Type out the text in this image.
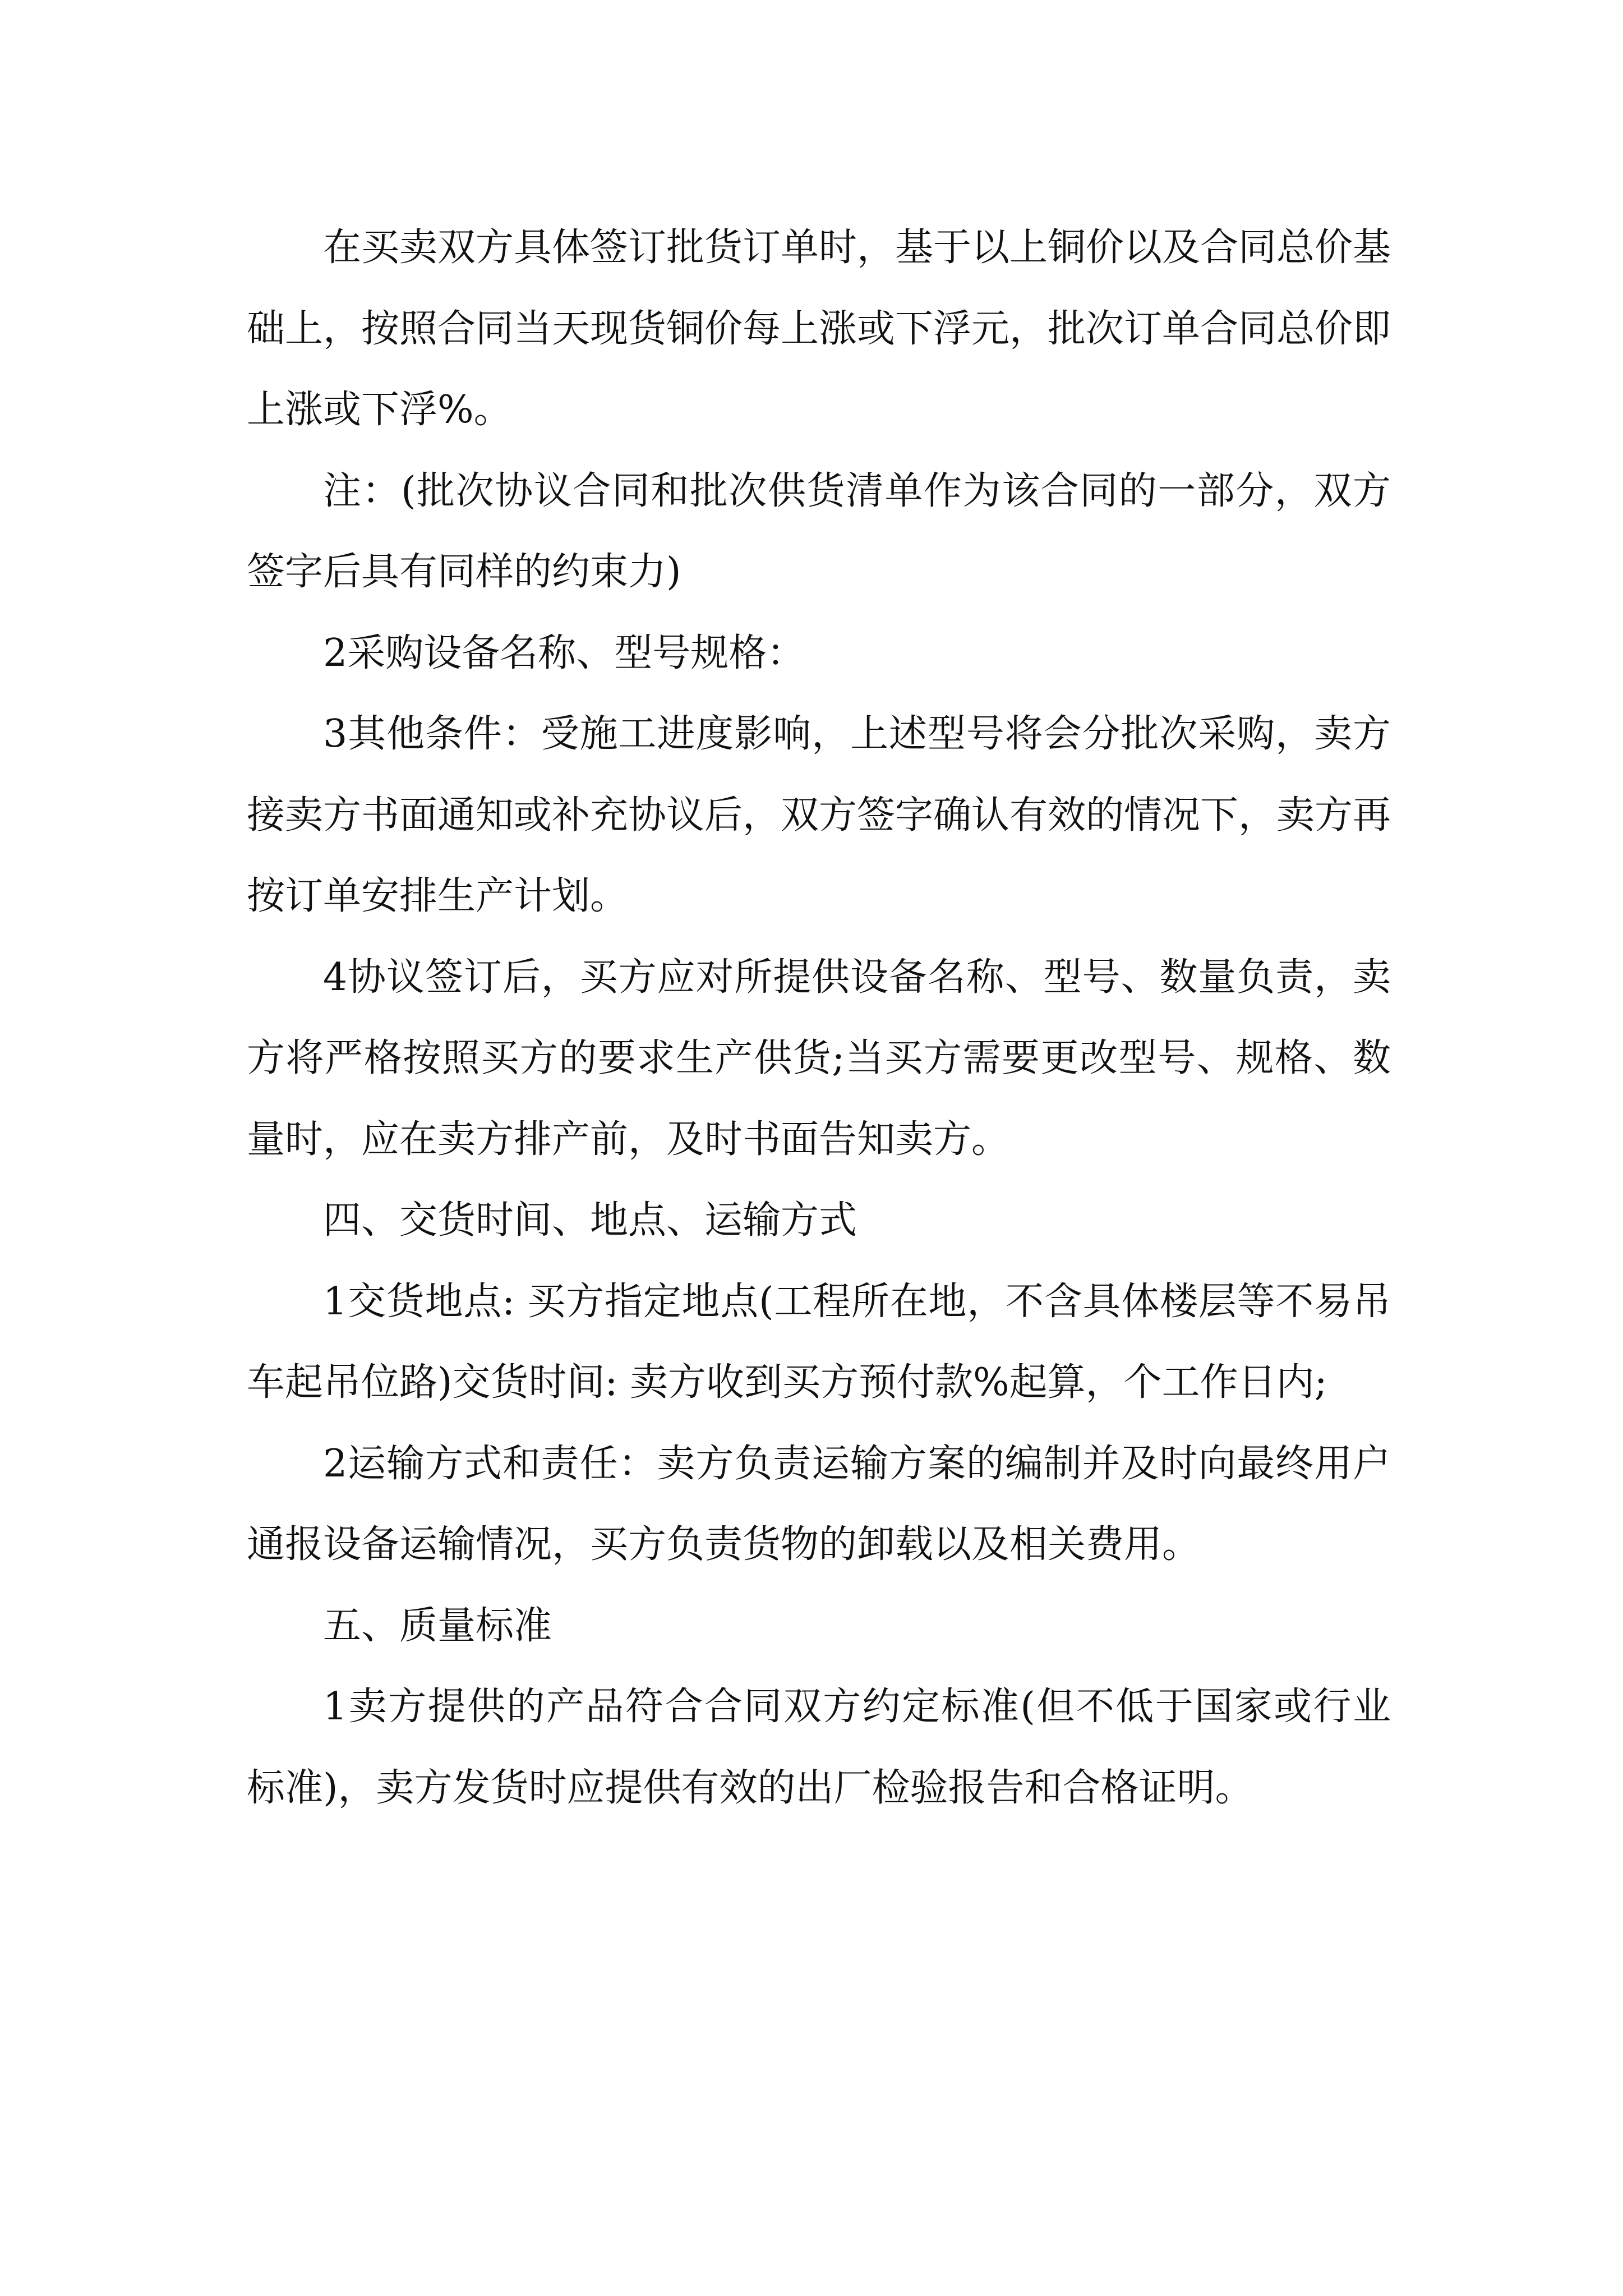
在买卖双方具体签订批货订单时，基于以上铜价以及合同总价基础上，按照合同当天现货铜价每上涨或下浮元，批次订单合同总价即上涨或下浮%。

注：(批次协议合同和批次供货清单作为该合同的一部分，双方签字后具有同样的约束力)

2采购设备名称、型号规格：

3其他条件：受施工进度影响，上述型号将会分批次采购，卖方接卖方书面通知或补充协议后，双方签字确认有效的情况下，卖方再按订单安排生产计划。

4协议签订后，买方应对所提供设备名称、型号、数量负责，卖方将严格按照买方的要求生产供货;当买方需要更改型号、规格、数量时，应在卖方排产前，及时书面告知卖方。

四、交货时间、地点、运输方式

1交货地点: 买方指定地点(工程所在地，不含具体楼层等不易吊车起吊位路)交货时间: 卖方收到买方预付款%起算，个工作日内;

2运输方式和责任：卖方负责运输方案的编制并及时向最终用户通报设备运输情况，买方负责货物的卸载以及相关费用。

五、质量标准

1卖方提供的产品符合合同双方约定标准(但不低于国家或行业标准)，卖方发货时应提供有效的出厂检验报告和合格证明。
